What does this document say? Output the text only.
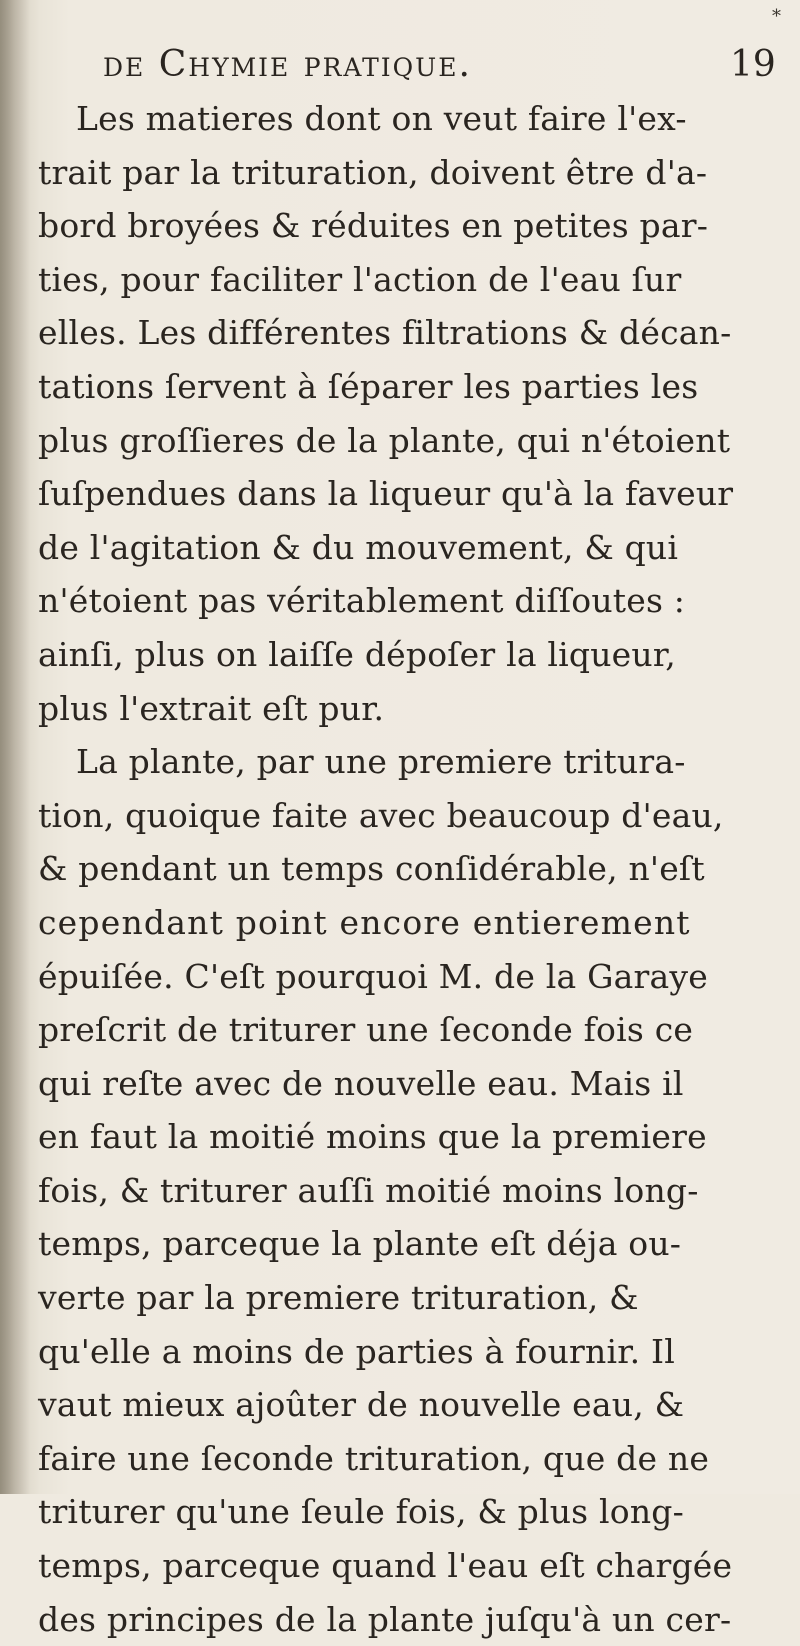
*
de Chymie pratique.	19
Les matieres dont on veut faire l'ex-
trait par la trituration, doivent être d'a-
bord broyées & réduites en petites par-
ties, pour faciliter l'action de l'eau ſur
elles. Les différentes filtrations & décan-
tations ſervent à ſéparer les parties les
plus groſſieres de la plante, qui n'étoient
ſuſpendues dans la liqueur qu'à la faveur
de l'agitation & du mouvement, & qui
n'étoient pas véritablement diſſoutes :
ainſi, plus on laiſſe dépoſer la liqueur,
plus l'extrait eſt pur.
La plante, par une premiere tritura-
tion, quoique faite avec beaucoup d'eau,
& pendant un temps conſidérable, n'eſt
cependant point encore entierement
épuiſée. C'eſt pourquoi M. de la Garaye
preſcrit de triturer une ſeconde fois ce
qui reſte avec de nouvelle eau. Mais il
en faut la moitié moins que la premiere
fois, & triturer auſſi moitié moins long-
temps, parceque la plante eſt déja ou-
verte par la premiere trituration, &
qu'elle a moins de parties à fournir. Il
vaut mieux ajoûter de nouvelle eau, &
faire une ſeconde trituration, que de ne
triturer qu'une ſeule fois, & plus long-
temps, parceque quand l'eau eſt chargée
des principes de la plante juſqu'à un cer-
